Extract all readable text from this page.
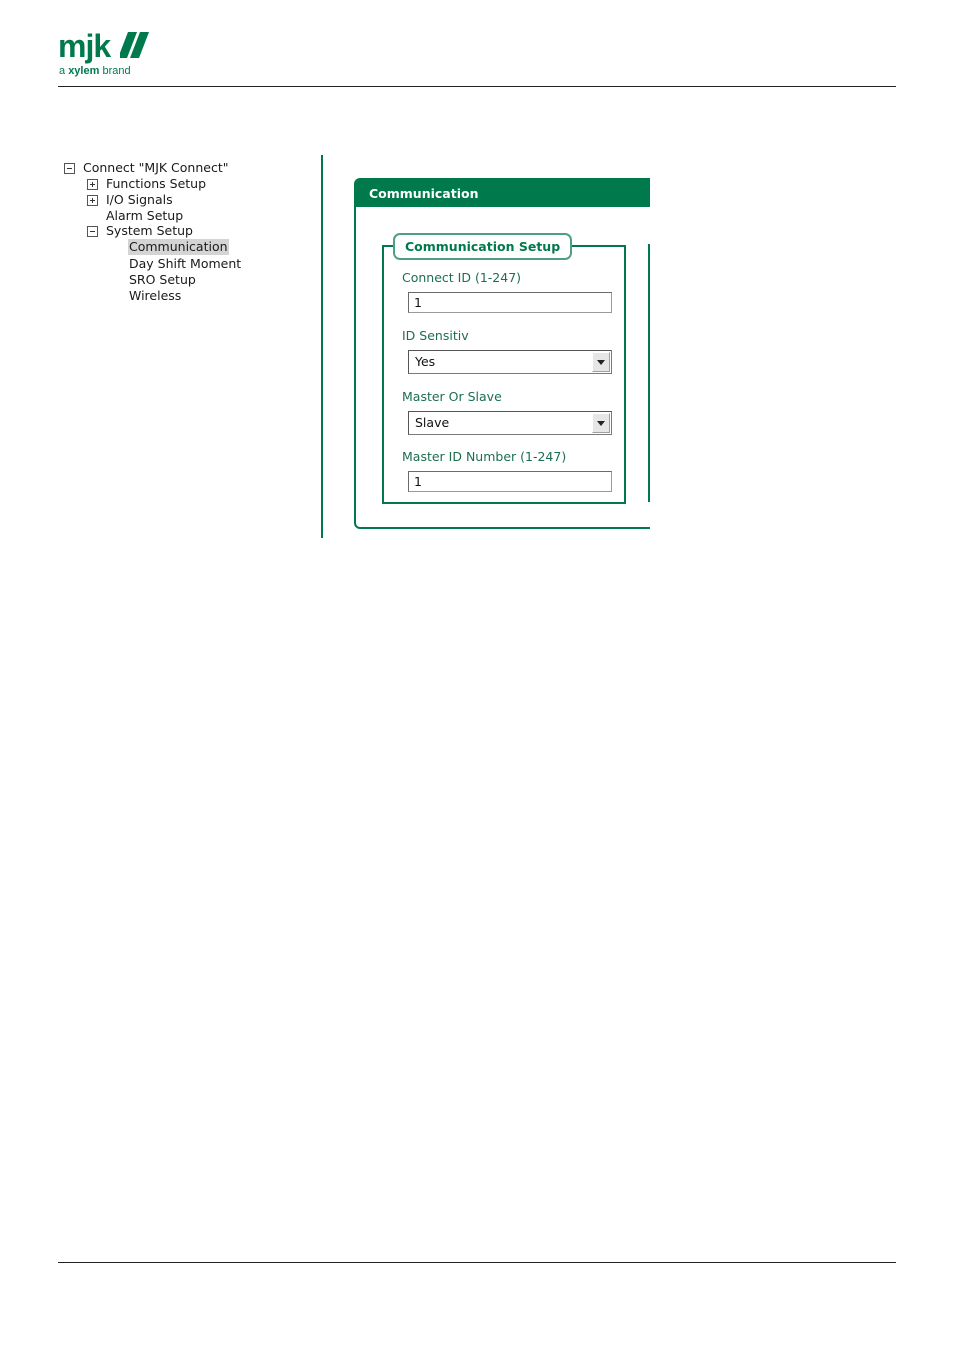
mjk
a xylem brand
Connect "MJK Connect"
Functions Setup
I/O Signals
Alarm Setup
System Setup
Communication
Day Shift Moment
SRO Setup
Wireless
Communication
Communication Setup
Connect ID (1-247)
1
ID Sensitiv
Yes
Master Or Slave
Slave
Master ID Number (1-247)
1
